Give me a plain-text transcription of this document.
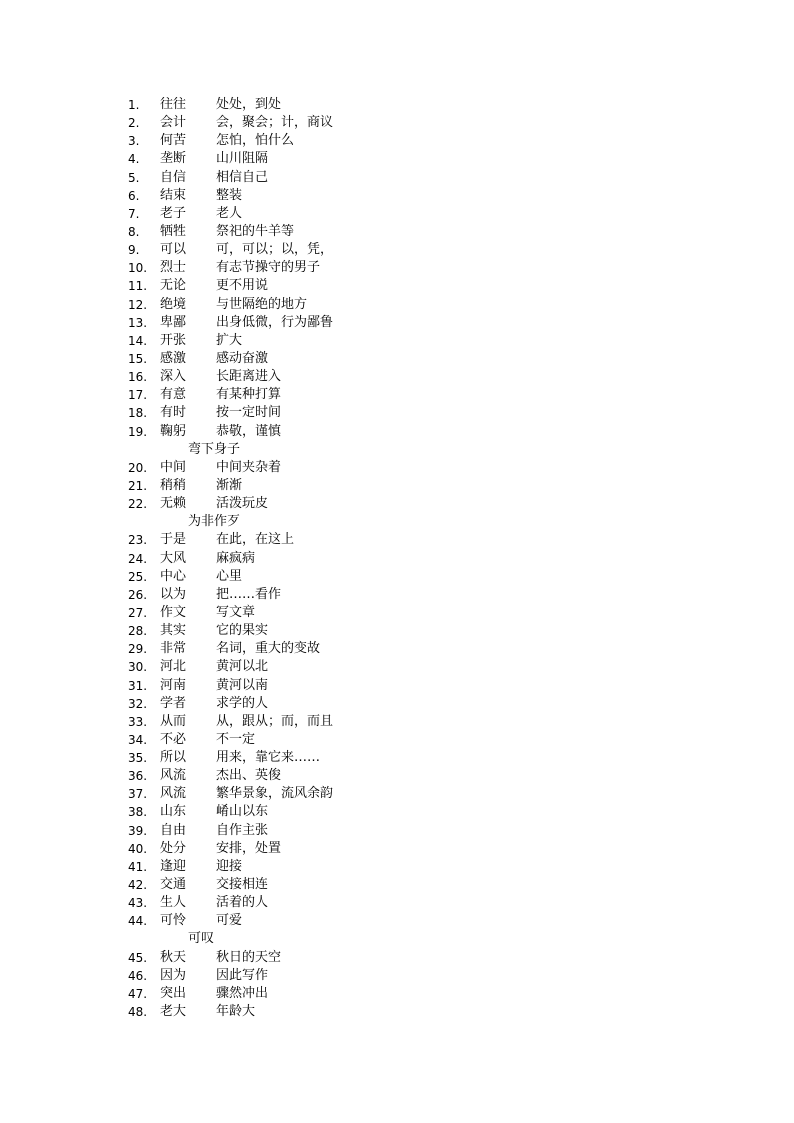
1.	往往	处处，到处
2.	会计	会，聚会；计，商议
3.	何苦	怎怕，怕什么
4.	垄断	山川阻隔
5.	自信	相信自己
6.	结束	整装
7.	老子	老人
8.	牺牲	祭祀的牛羊等
9.	可以	可，可以；以，凭，
10. 烈士	有志节操守的男子
11. 无论	更不用说
12. 绝境	与世隔绝的地方
13. 卑鄙	出身低微，行为鄙鲁
14. 开张	扩大
15. 感激	感动奋激
16. 深入	长距离进入
17. 有意	有某种打算
18. 有时	按一定时间
19. 鞠躬	恭敬，谨慎
弯下身子
20. 中间	中间夹杂着
21. 稍稍	渐渐
22. 无赖	活泼玩皮
为非作歹
23. 于是	在此，在这上
24. 大风	麻疯病
25. 中心	心里
26. 以为	把……看作
27. 作文	写文章
28. 其实	它的果实
29. 非常	名词，重大的变故
30. 河北	黄河以北
31. 河南	黄河以南
32. 学者	求学的人
33. 从而	从，跟从；而，而且
34. 不必	不一定
35. 所以	用来，靠它来……
36. 风流	杰出、英俊
37. 风流	繁华景象，流风余韵
38. 山东	崤山以东
39. 自由	自作主张
40. 处分	安排，处置
41. 逢迎	迎接
42. 交通	交接相连
43. 生人	活着的人
44. 可怜	可爱
可叹
45. 秋天	秋日的天空
46. 因为	因此写作
47. 突出	骤然冲出
48. 老大	年龄大
